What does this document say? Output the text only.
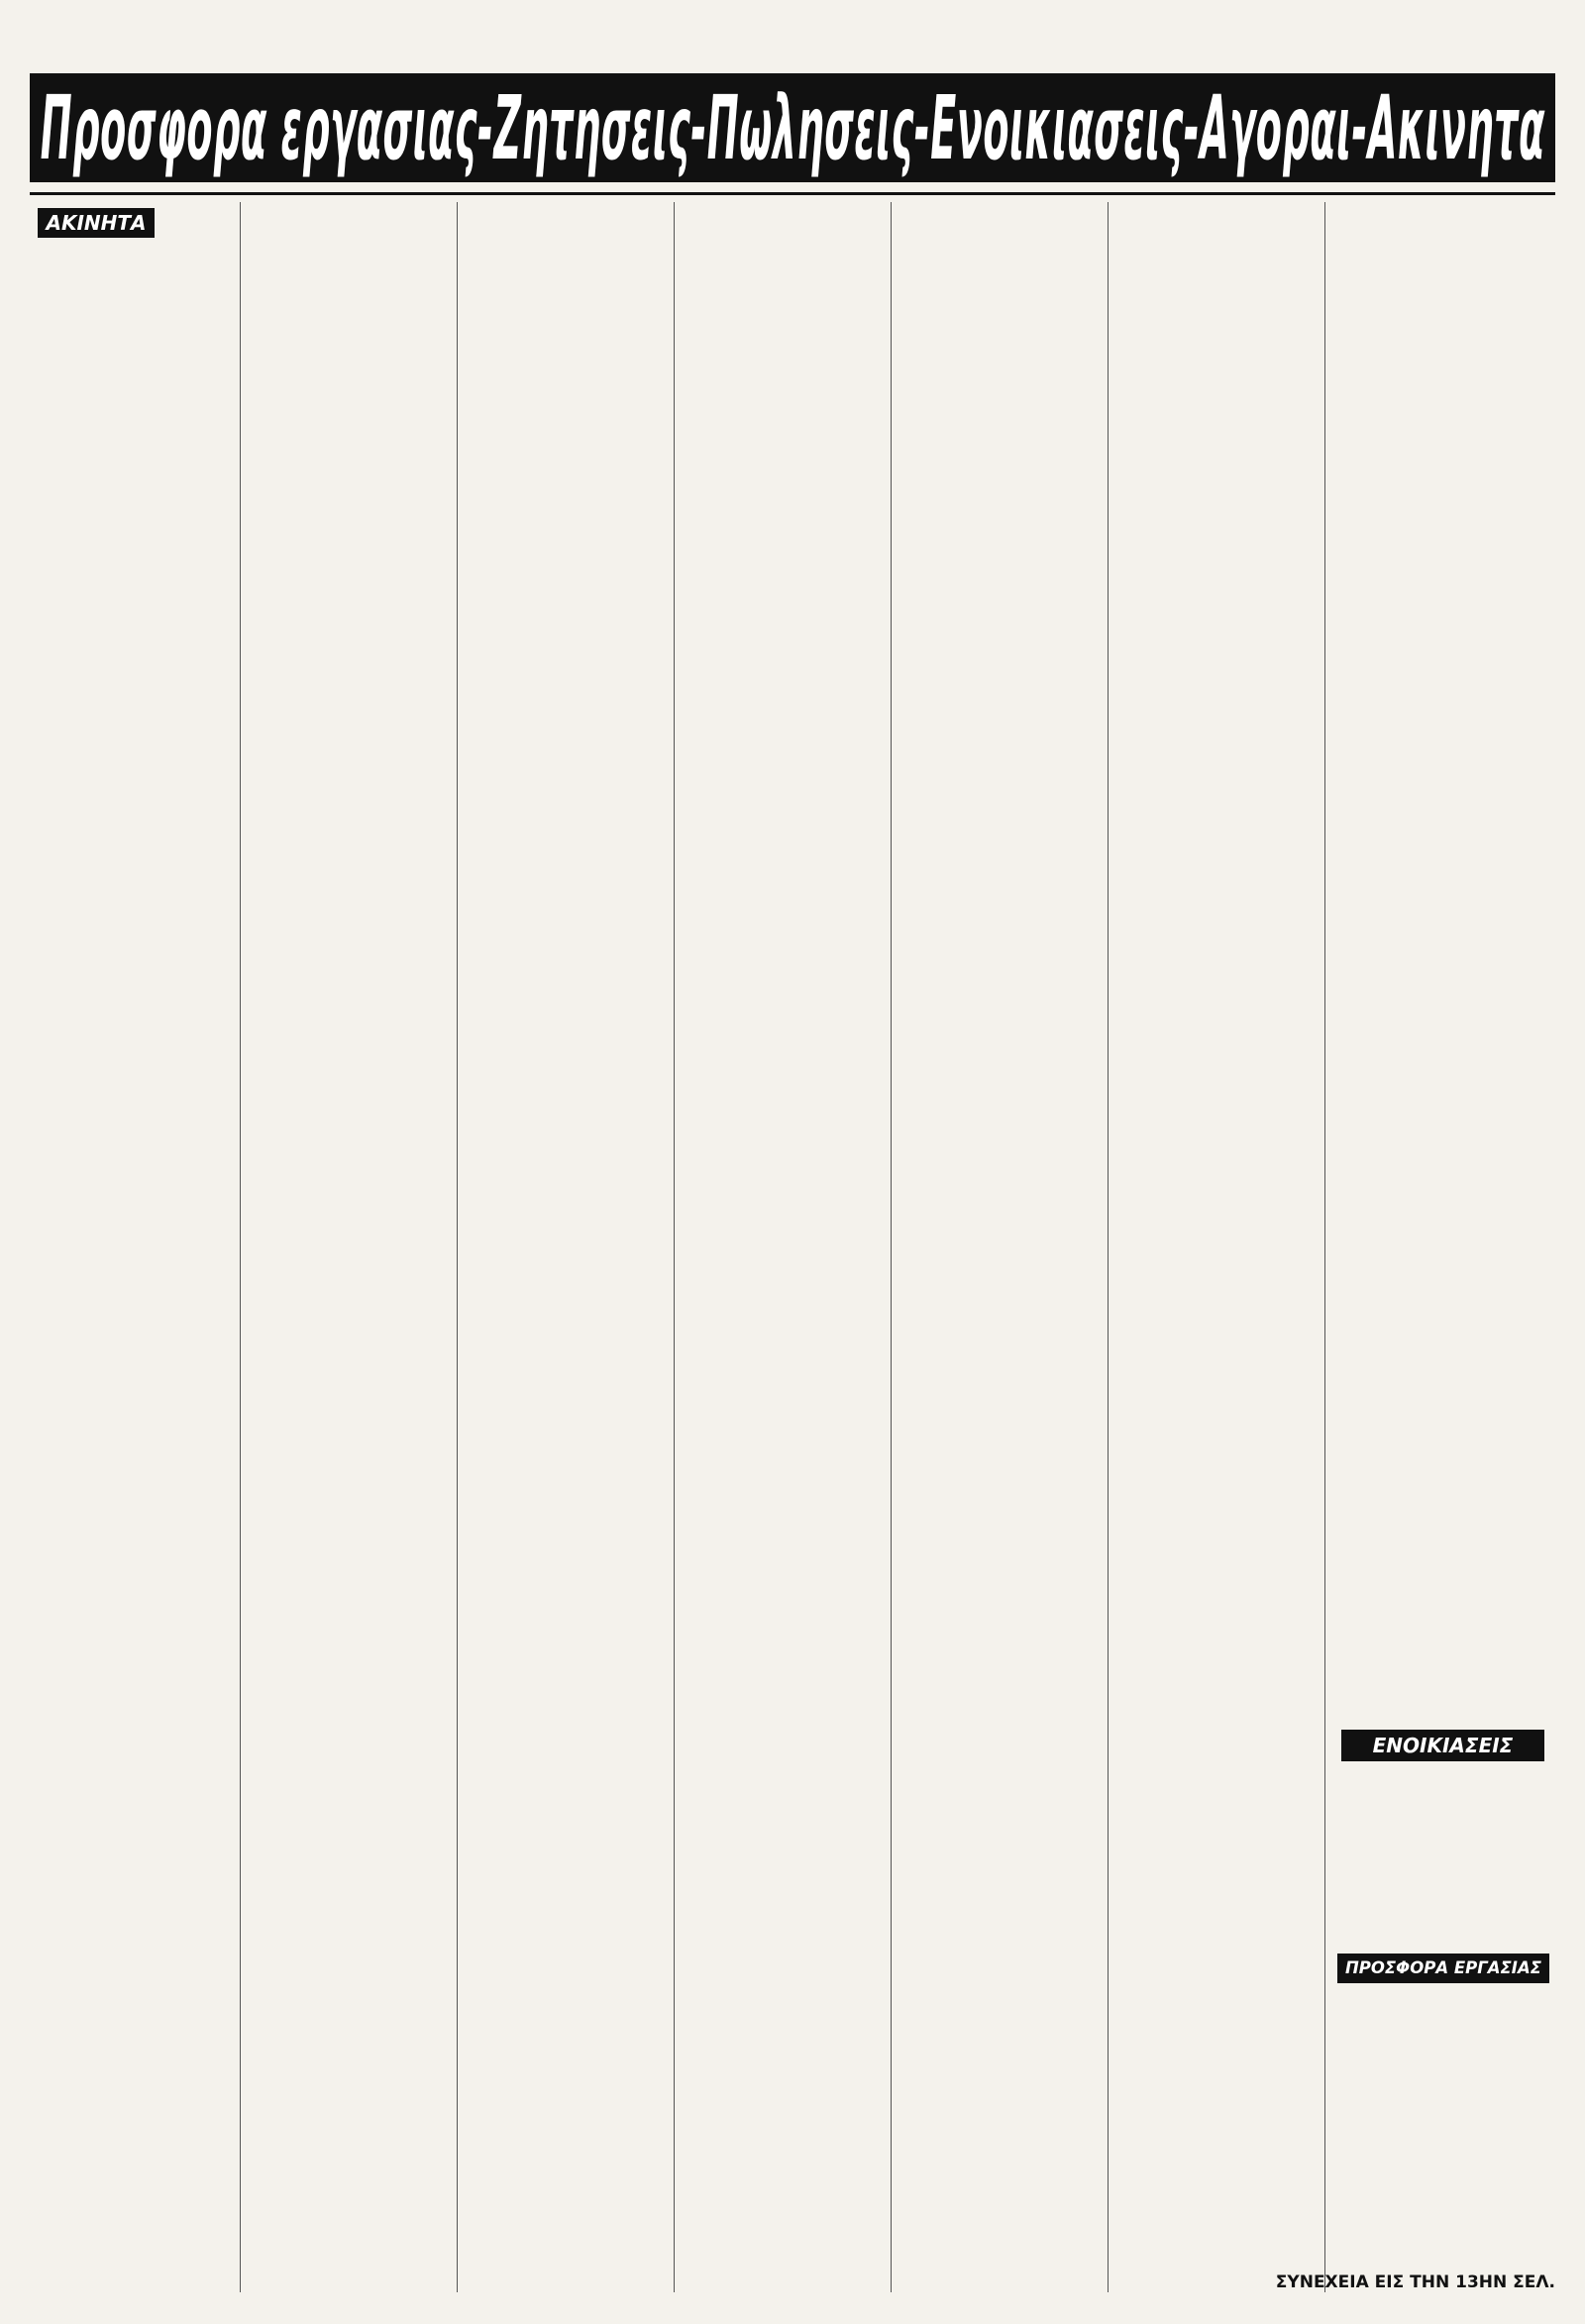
Προσφορα εργασιας-Ζητησεις-Πωλησεις-Ενοικιασεις-Αγοραι-Ακινητα
ΑΚΙΝΗΤΑ
ΕΝΟΙΚΙΑΣΕΙΣ
ΠΡΟΣΦΟΡΑ ΕΡΓΑΣΙΑΣ
ΣΥΝΕΧΕΙΑ ΕΙΣ ΤΗΝ 13ΗΝ ΣΕΛ.
